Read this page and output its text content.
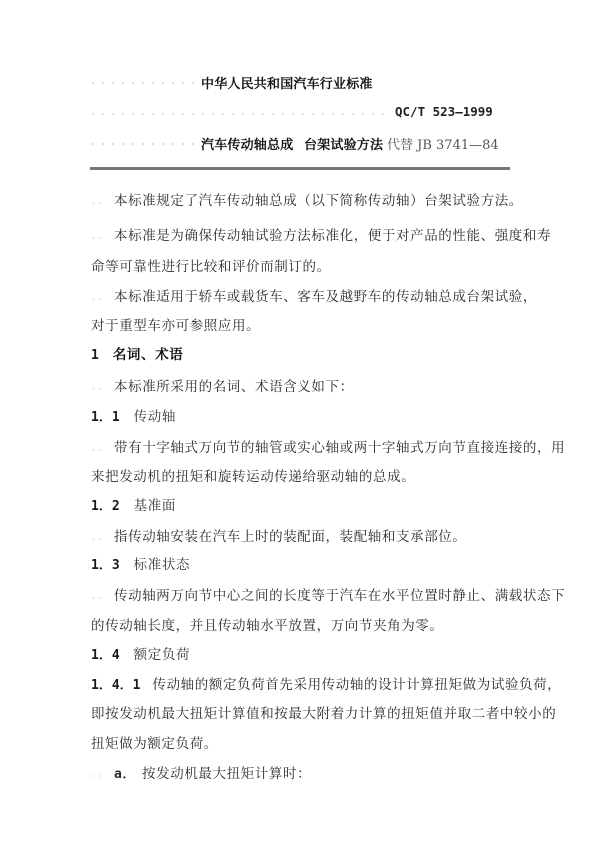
中华人民共和国汽车行业标准
QC/T 523—1999
汽车传动轴总成 台架试验方法 代替 JB 3741—84
本标准规定了汽车传动轴总成（以下简称传动轴）台架试验方法。
本标准是为确保传动轴试验方法标准化，便于对产品的性能、强度和寿
命等可靠性进行比较和评价而制订的。
本标准适用于轿车或载货车、客车及越野车的传动轴总成台架试验，
对于重型车亦可参照应用。
1 名词、术语
本标准所采用的名词、术语含义如下：
1．1 传动轴
带有十字轴式万向节的轴管或实心轴或两十字轴式万向节直接连接的，用
来把发动机的扭矩和旋转运动传递给驱动轴的总成。
1．2 基准面
指传动轴安装在汽车上时的装配面，装配轴和支承部位。
1．3 标准状态
传动轴两万向节中心之间的长度等于汽车在水平位置时静止、满载状态下
的传动轴长度，并且传动轴水平放置，万向节夹角为零。
1．4 额定负荷
1．4．1 传动轴的额定负荷首先采用传动轴的设计计算扭矩做为试验负荷，
即按发动机最大扭矩计算值和按最大附着力计算的扭矩值并取二者中较小的
扭矩做为额定负荷。
a． 按发动机最大扭矩计算时：
